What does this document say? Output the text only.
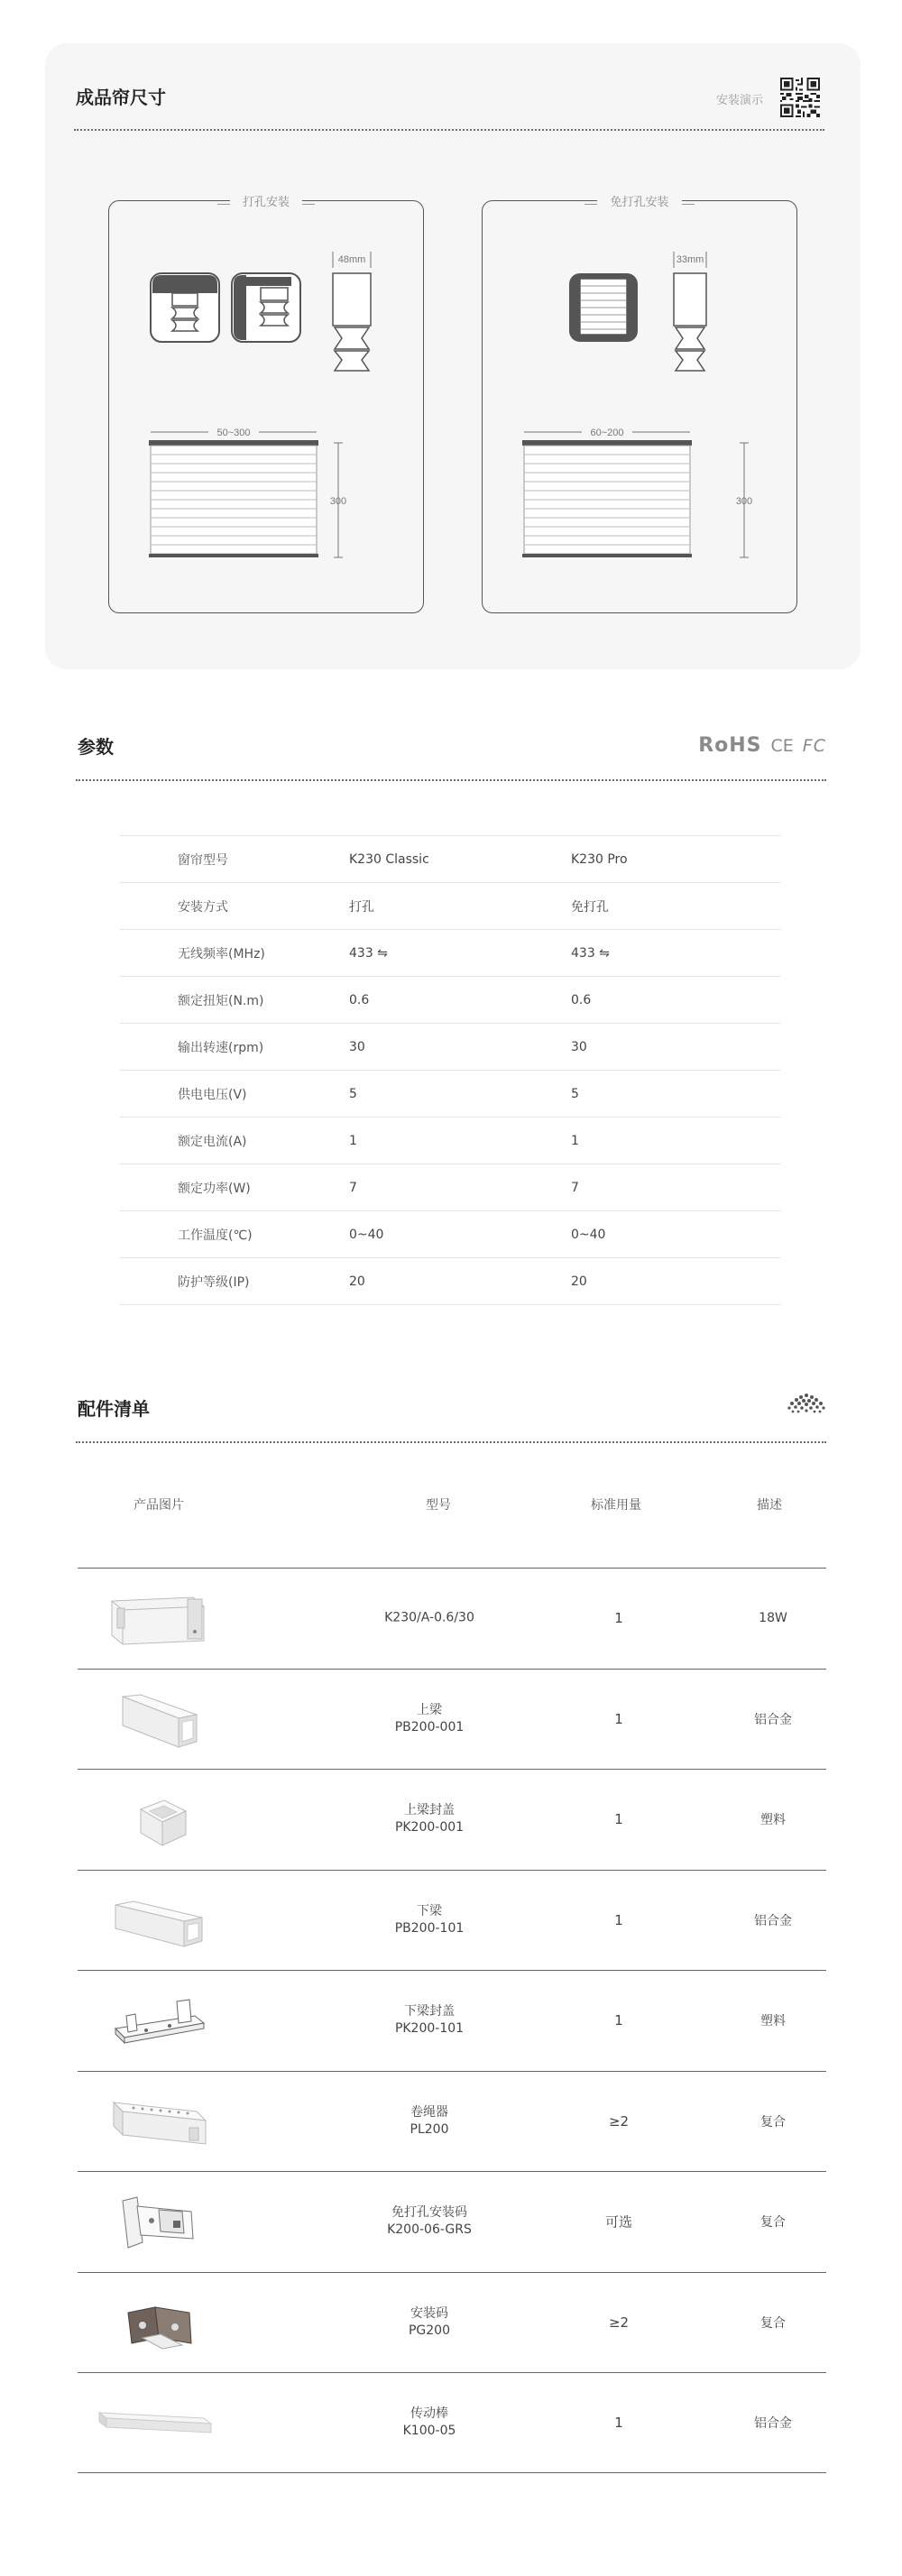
成品帘尺寸	安装演示
打孔安装
48mm
50~300
300
免打孔安装
33mm
60~200
300
参数	RoHS CE FC
窗帘型号	K230 Classic	K230 Pro
安装方式	打孔	免打孔
无线频率(MHz)	433 ⇋	433 ⇋
额定扭矩(N.m)	0.6	0.6
输出转速(rpm)	30	30
供电电压(V)	5	5
额定电流(A)	1	1
额定功率(W)	7	7
工作温度(℃)	0~40	0~40
防护等级(IP)	20	20
配件清单
产品图片	型号	标准用量	描述
K230/A-0.6/30	1	18W
上梁
PB200-001	1	铝合金
上梁封盖
PK200-001	1	塑料
下梁
PB200-101	1	铝合金
下梁封盖
PK200-101	1	塑料
卷绳器
PL200	≥2	复合
免打孔安装码
K200-06-GRS	可选	复合
安装码
PG200	≥2	复合
传动棒
K100-05	1	铝合金
